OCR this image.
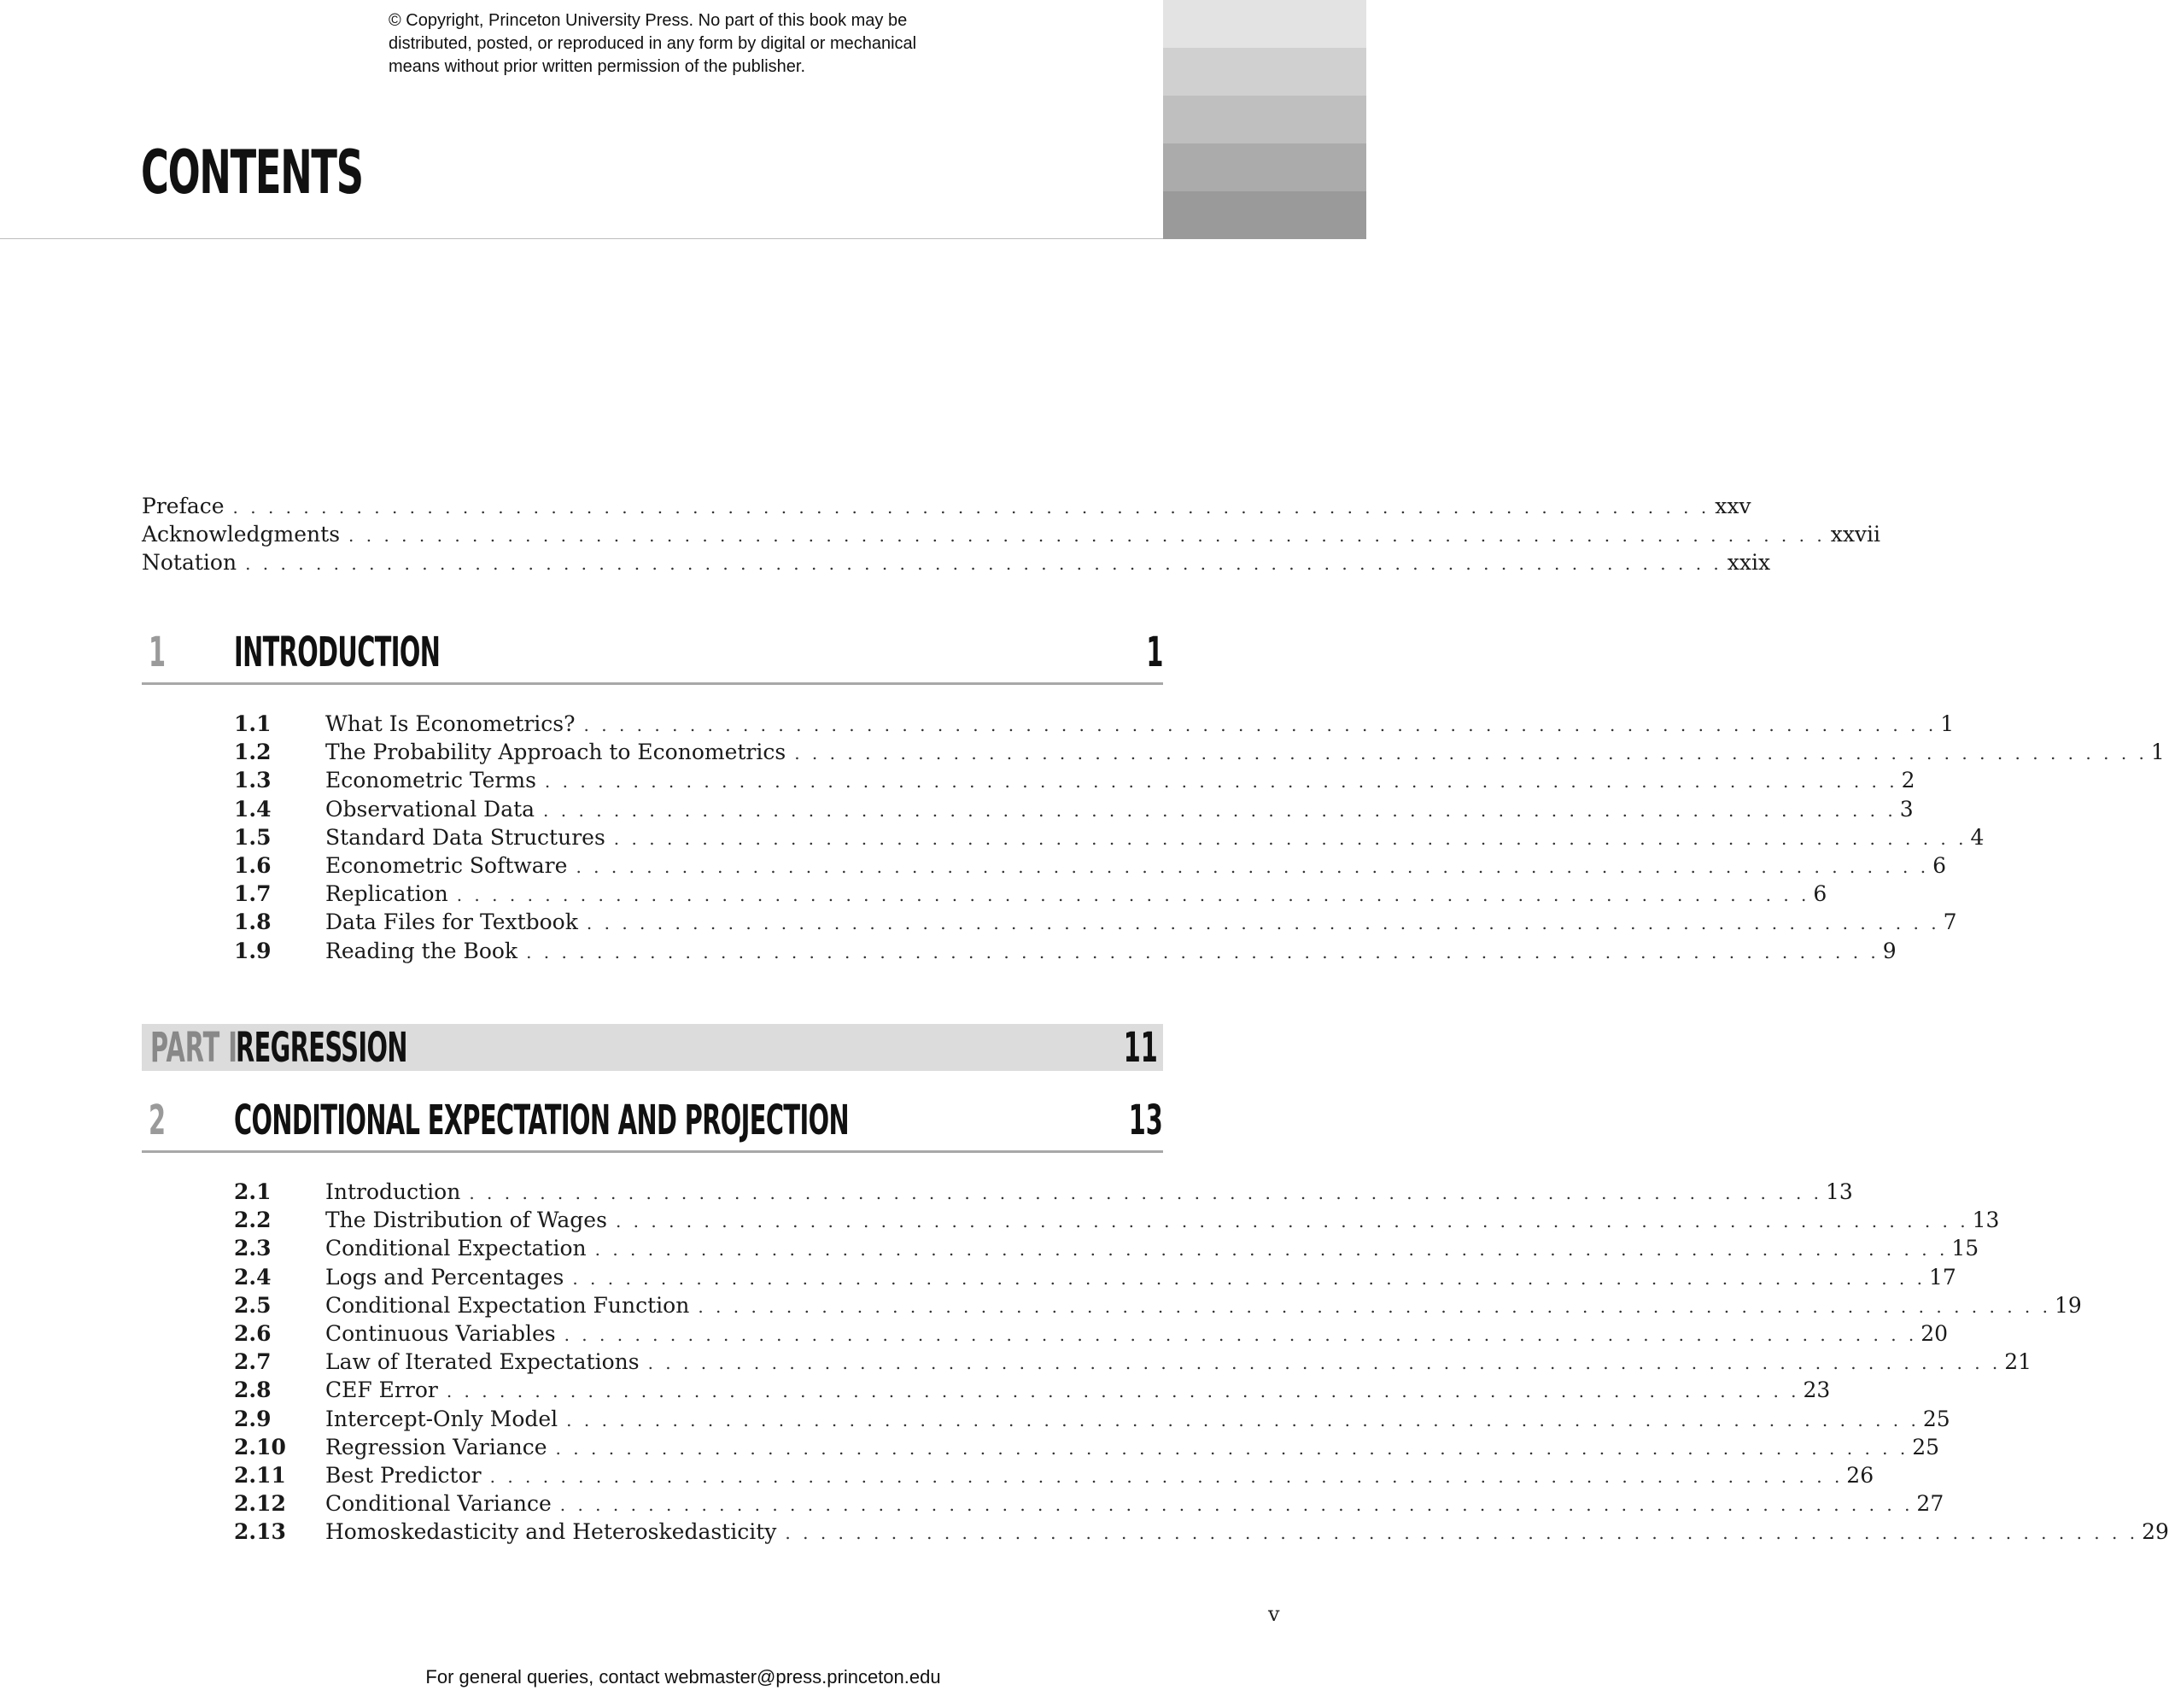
© Copyright, Princeton University Press. No part of this book may be
distributed, posted, or reproduced in any form by digital or mechanical
means without prior written permission of the publisher.
CONTENTS
Preface . . . . . . . . . . . . . . . . . . . . . . . . . . . . . . . . . . . . . . . . . . . . . . . . . . . . . . . . . . . . . . . . . . . . . . . . . . . . . . . . . . . . xxv
Acknowledgments . . . . . . . . . . . . . . . . . . . . . . . . . . . . . . . . . . . . . . . . . . . . . . . . . . . . . . . . . . . . . . . . . . . . . . . . . . . . . . . . . . . . xxvii
Notation . . . . . . . . . . . . . . . . . . . . . . . . . . . . . . . . . . . . . . . . . . . . . . . . . . . . . . . . . . . . . . . . . . . . . . . . . . . . . . . . . . . . xxix
1 INTRODUCTION	1
1.1	What Is Econometrics? . . . . . . . . . . . . . . . . . . . . . . . . . . . . . . . . . . . . . . . . . . . . . . . . . . . . . . . . . . . . . . . . . . . . . . . . . . . . . 1
1.2	The Probability Approach to Econometrics . . . . . . . . . . . . . . . . . . . . . . . . . . . . . . . . . . . . . . . . . . . . . . . . . . . . . . . . . . . . . . . . . . . . . . . . . . . . . 1
1.3	Econometric Terms . . . . . . . . . . . . . . . . . . . . . . . . . . . . . . . . . . . . . . . . . . . . . . . . . . . . . . . . . . . . . . . . . . . . . . . . . . . . . 2
1.4	Observational Data . . . . . . . . . . . . . . . . . . . . . . . . . . . . . . . . . . . . . . . . . . . . . . . . . . . . . . . . . . . . . . . . . . . . . . . . . . . . . 3
1.5	Standard Data Structures . . . . . . . . . . . . . . . . . . . . . . . . . . . . . . . . . . . . . . . . . . . . . . . . . . . . . . . . . . . . . . . . . . . . . . . . . . . . . 4
1.6	Econometric Software . . . . . . . . . . . . . . . . . . . . . . . . . . . . . . . . . . . . . . . . . . . . . . . . . . . . . . . . . . . . . . . . . . . . . . . . . . . . . 6
1.7	Replication . . . . . . . . . . . . . . . . . . . . . . . . . . . . . . . . . . . . . . . . . . . . . . . . . . . . . . . . . . . . . . . . . . . . . . . . . . . . . 6
1.8	Data Files for Textbook . . . . . . . . . . . . . . . . . . . . . . . . . . . . . . . . . . . . . . . . . . . . . . . . . . . . . . . . . . . . . . . . . . . . . . . . . . . . . 7
1.9	Reading the Book . . . . . . . . . . . . . . . . . . . . . . . . . . . . . . . . . . . . . . . . . . . . . . . . . . . . . . . . . . . . . . . . . . . . . . . . . . . . . 9
PART I
REGRESSION	11
2 CONDITIONAL EXPECTATION AND PROJECTION	13
2.1	Introduction . . . . . . . . . . . . . . . . . . . . . . . . . . . . . . . . . . . . . . . . . . . . . . . . . . . . . . . . . . . . . . . . . . . . . . . . . . . . . 13
2.2	The Distribution of Wages . . . . . . . . . . . . . . . . . . . . . . . . . . . . . . . . . . . . . . . . . . . . . . . . . . . . . . . . . . . . . . . . . . . . . . . . . . . . . 13
2.3	Conditional Expectation . . . . . . . . . . . . . . . . . . . . . . . . . . . . . . . . . . . . . . . . . . . . . . . . . . . . . . . . . . . . . . . . . . . . . . . . . . . . . 15
2.4	Logs and Percentages . . . . . . . . . . . . . . . . . . . . . . . . . . . . . . . . . . . . . . . . . . . . . . . . . . . . . . . . . . . . . . . . . . . . . . . . . . . . . 17
2.5	Conditional Expectation Function . . . . . . . . . . . . . . . . . . . . . . . . . . . . . . . . . . . . . . . . . . . . . . . . . . . . . . . . . . . . . . . . . . . . . . . . . . . . . 19
2.6	Continuous Variables . . . . . . . . . . . . . . . . . . . . . . . . . . . . . . . . . . . . . . . . . . . . . . . . . . . . . . . . . . . . . . . . . . . . . . . . . . . . . 20
2.7	Law of Iterated Expectations . . . . . . . . . . . . . . . . . . . . . . . . . . . . . . . . . . . . . . . . . . . . . . . . . . . . . . . . . . . . . . . . . . . . . . . . . . . . . 21
2.8	CEF Error . . . . . . . . . . . . . . . . . . . . . . . . . . . . . . . . . . . . . . . . . . . . . . . . . . . . . . . . . . . . . . . . . . . . . . . . . . . . . 23
2.9	Intercept-Only Model . . . . . . . . . . . . . . . . . . . . . . . . . . . . . . . . . . . . . . . . . . . . . . . . . . . . . . . . . . . . . . . . . . . . . . . . . . . . . 25
2.10	Regression Variance . . . . . . . . . . . . . . . . . . . . . . . . . . . . . . . . . . . . . . . . . . . . . . . . . . . . . . . . . . . . . . . . . . . . . . . . . . . . . 25
2.11	Best Predictor . . . . . . . . . . . . . . . . . . . . . . . . . . . . . . . . . . . . . . . . . . . . . . . . . . . . . . . . . . . . . . . . . . . . . . . . . . . . . 26
2.12	Conditional Variance . . . . . . . . . . . . . . . . . . . . . . . . . . . . . . . . . . . . . . . . . . . . . . . . . . . . . . . . . . . . . . . . . . . . . . . . . . . . . 27
2.13	Homoskedasticity and Heteroskedasticity . . . . . . . . . . . . . . . . . . . . . . . . . . . . . . . . . . . . . . . . . . . . . . . . . . . . . . . . . . . . . . . . . . . . . . . . . . . . . 29
v
For general queries, contact webmaster@press.princeton.edu
